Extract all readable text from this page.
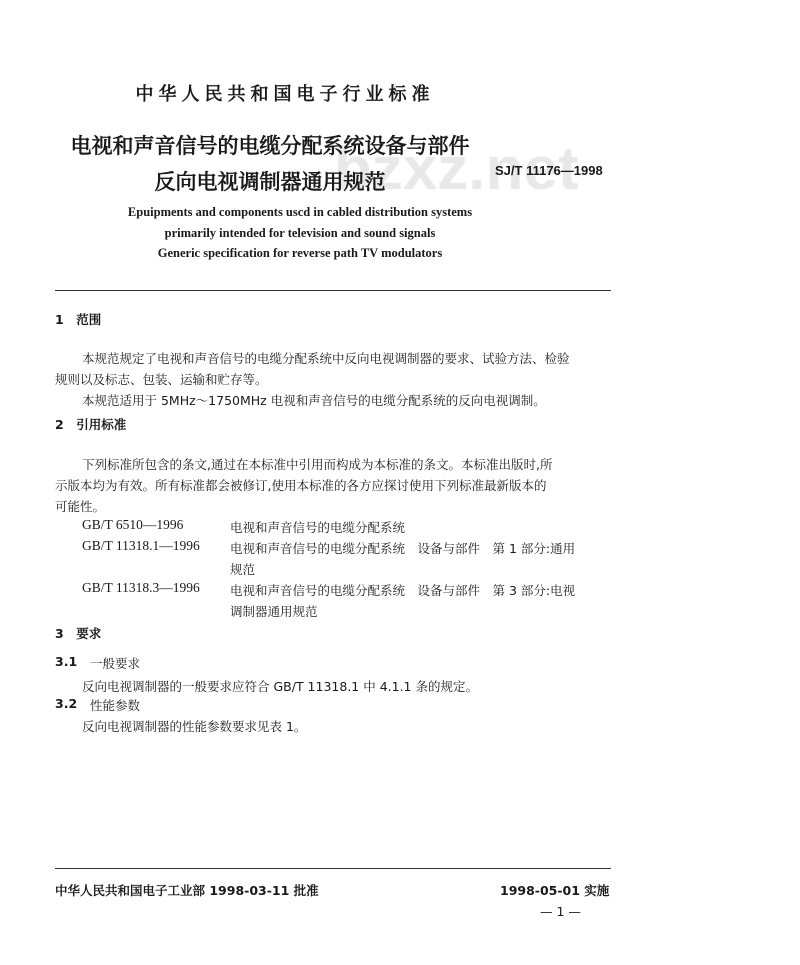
中华人民共和国电子行业标准
电视和声音信号的电缆分配系统设备与部件
反向电视调制器通用规范	SJ/T 11176—1998
Epuipments and components uscd in cabled distribution systems
primarily intended for television and sound signals
Generic specification for reverse path TV modulators
1　范围
本规范规定了电视和声音信号的电缆分配系统中反向电视调制器的要求、试验方法、检验
规则以及标志、包装、运输和贮存等。
本规范适用于 5MHz～1750MHz 电视和声音信号的电缆分配系统的反向电视调制。
2　引用标准
下列标准所包含的条文,通过在本标准中引用而构成为本标准的条文。本标准出版时,所
示版本均为有效。所有标准都会被修订,使用本标准的各方应探讨使用下列标准最新版本的
可能性。
GB/T 6510—1996	电视和声音信号的电缆分配系统
GB/T 11318.1—1996 电视和声音信号的电缆分配系统　设备与部件　第 1 部分:通用
规范
GB/T 11318.3—1996 电视和声音信号的电缆分配系统　设备与部件　第 3 部分:电视
调制器通用规范
3　要求
3.1 一般要求
反向电视调制器的一般要求应符合 GB/T 11318.1 中 4.1.1 条的规定。
3.2 性能参数
反向电视调制器的性能参数要求见表 1。
中华人民共和国电子工业部 1998-03-11 批准	1998-05-01 实施
— 1 —
